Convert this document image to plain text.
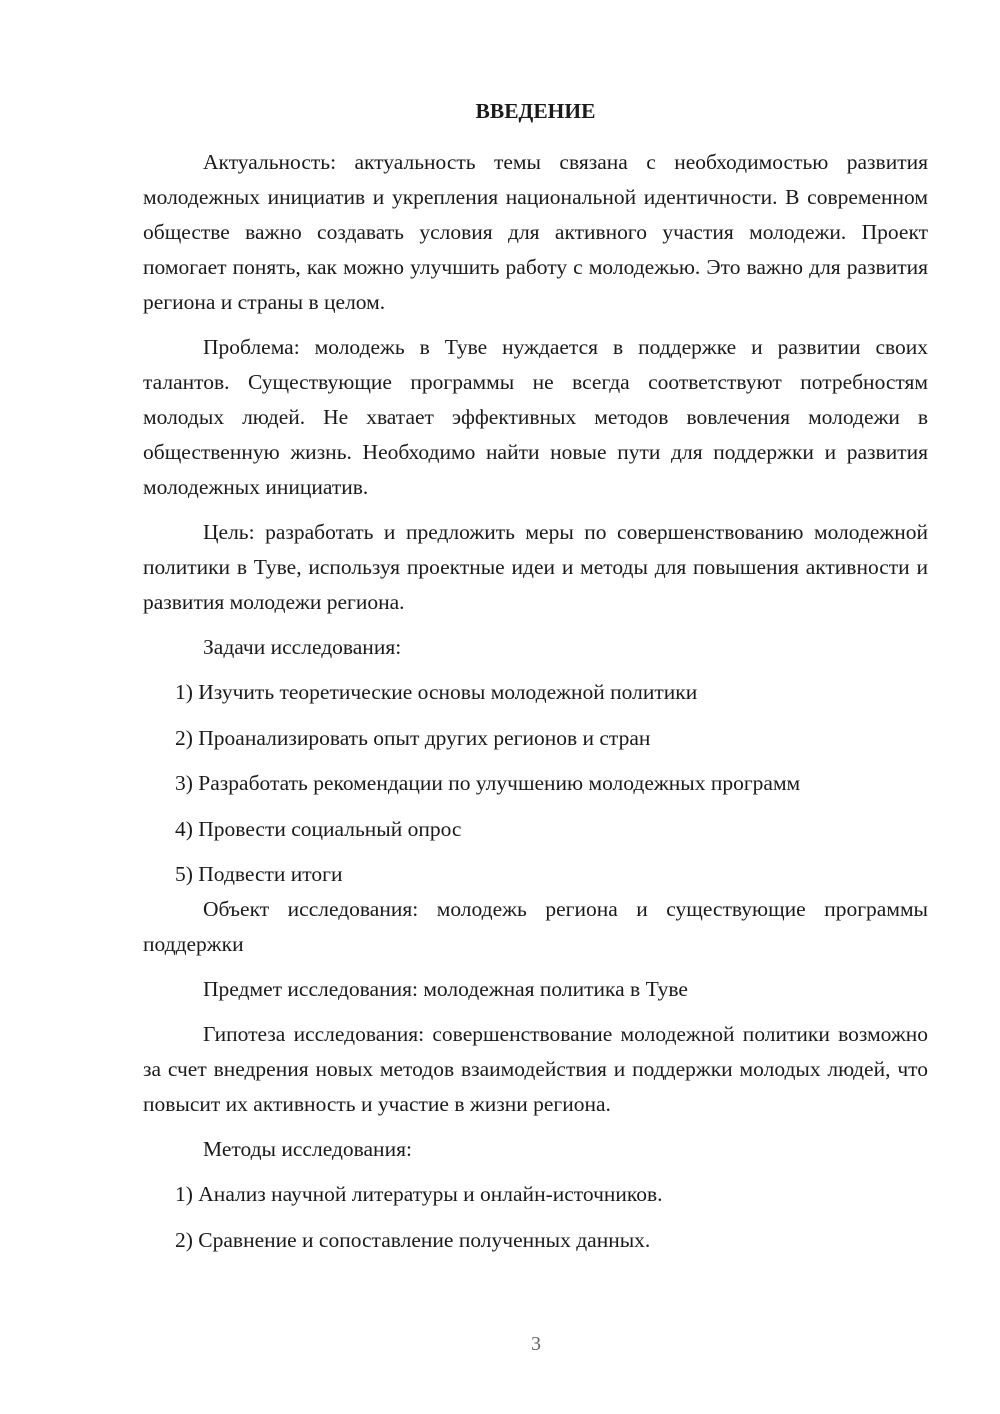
ВВЕДЕНИЕ

Актуальность: актуальность темы связана с необходимостью развития молодежных инициатив и укрепления национальной идентичности. В современном обществе важно создавать условия для активного участия молодежи. Проект помогает понять, как можно улучшить работу с молодежью. Это важно для развития региона и страны в целом.

Проблема: молодежь в Туве нуждается в поддержке и развитии своих талантов. Существующие программы не всегда соответствуют потребностям молодых людей. Не хватает эффективных методов вовлечения молодежи в общественную жизнь. Необходимо найти новые пути для поддержки и развития молодежных инициатив.

Цель: разработать и предложить меры по совершенствованию молодежной политики в Туве, используя проектные идеи и методы для повышения активности и развития молодежи региона.

Задачи исследования:

1) Изучить теоретические основы молодежной политики
2) Проанализировать опыт других регионов и стран
3) Разработать рекомендации по улучшению молодежных программ
4) Провести социальный опрос
5) Подвести итоги

Объект исследования: молодежь региона и существующие программы поддержки

Предмет исследования: молодежная политика в Туве

Гипотеза исследования: совершенствование молодежной политики возможно за счет внедрения новых методов взаимодействия и поддержки молодых людей, что повысит их активность и участие в жизни региона.

Методы исследования:

1) Анализ научной литературы и онлайн-источников.
2) Сравнение и сопоставление полученных данных.
3
